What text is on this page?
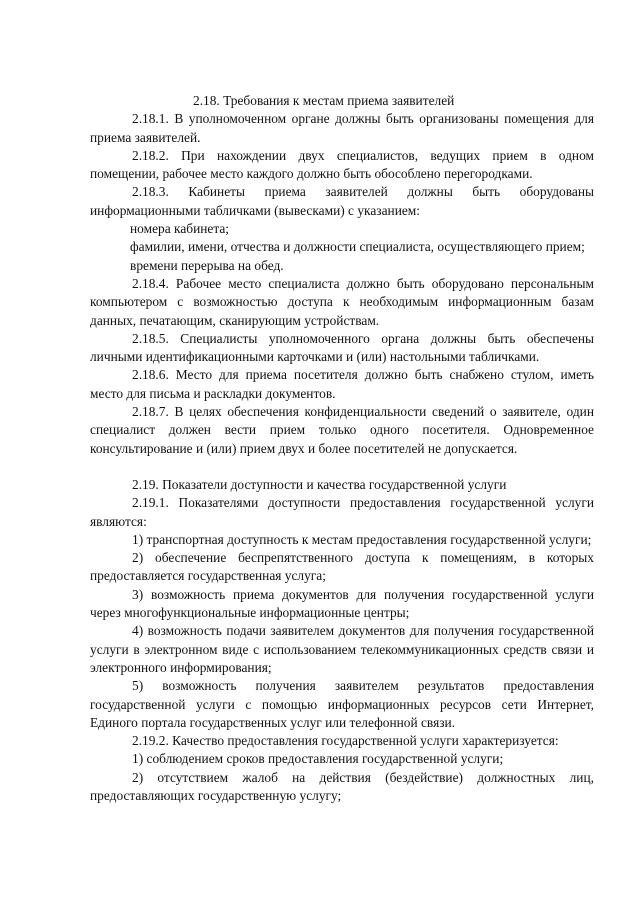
2.18. Требования к местам приема заявителей

2.18.1. В уполномоченном органе должны быть организованы помещения для приема заявителей.

2.18.2. При нахождении двух специалистов, ведущих прием в одном помещении, рабочее место каждого должно быть обособлено перегородками.

2.18.3. Кабинеты приема заявителей должны быть оборудованы информационными табличками (вывесками) с указанием:

номера кабинета;

фамилии, имени, отчества и должности специалиста, осуществляющего прием;

времени перерыва на обед.

2.18.4. Рабочее место специалиста должно быть оборудовано персональным компьютером с возможностью доступа к необходимым информационным базам данных, печатающим, сканирующим устройствам.

2.18.5. Специалисты уполномоченного органа должны быть обеспечены личными идентификационными карточками и (или) настольными табличками.

2.18.6. Место для приема посетителя должно быть снабжено стулом, иметь место для письма и раскладки документов.

2.18.7. В целях обеспечения конфиденциальности сведений о заявителе, один специалист должен вести прием только одного посетителя. Одновременное консультирование и (или) прием двух и более посетителей не допускается.

2.19. Показатели доступности и качества государственной услуги

2.19.1. Показателями доступности предоставления государственной услуги являются:

1) транспортная доступность к местам предоставления государственной услуги;

2) обеспечение беспрепятственного доступа к помещениям, в которых предоставляется государственная услуга;

3) возможность приема документов для получения государственной услуги через многофункциональные информационные центры;

4) возможность подачи заявителем документов для получения государственной услуги в электронном виде с использованием телекоммуникационных средств связи и электронного информирования;

5) возможность получения заявителем результатов предоставления государственной услуги с помощью информационных ресурсов сети Интернет, Единого портала государственных услуг или телефонной связи.

2.19.2. Качество предоставления государственной услуги характеризуется:

1) соблюдением сроков предоставления государственной услуги;

2) отсутствием жалоб на действия (бездействие) должностных лиц, предоставляющих государственную услугу;
